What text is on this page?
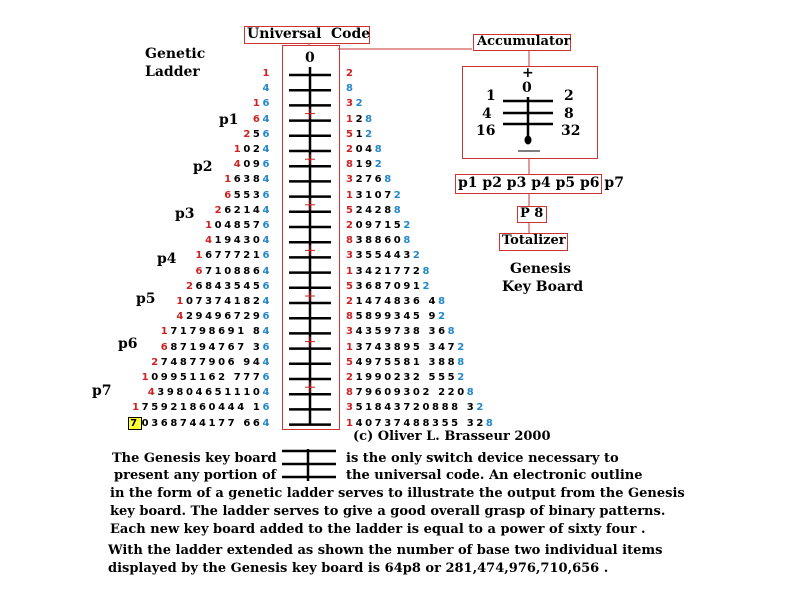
Universal Code
Genetic
Ladder
0
p1
p2
p3
p4
p5
p6
p7
1
4
16
64
256
1024
4096
16384
65536
262144
1048576
4194304
16777216
67108864
268435456
1073741824
4294967296
171798691 84
687194767 36
274877906 944
109951162 7776
4398046511104
175921860444 16
7 0368744177 664
2
8
32
128
512
2048
8192
32768
131072
524288
2097152
8388608
33554432
134217728
536870912
21474836 48
85899345 92
34359738 368
13743895 3472
54975581 3888
21990232 5552
879609302 2208
351843720888 32
140737488355 328
Accumulator
+
0
1
4
16
2
8
32
p1 p2 p3 p4 p5 p6 p7
P 8
Totalizer
Genesis
Key Board
(c) Oliver L. Brasseur 2000
The Genesis key board	is the only switch device necessary to
present any portion of	the universal code. An electronic outline
in the form of a genetic ladder serves to illustrate the output from the Genesis
key board. The ladder serves to give a good overall grasp of binary patterns.
Each new key board added to the ladder is equal to a power of sixty four .
With the ladder extended as shown the number of base two individual items
displayed by the Genesis key board is 64p8 or 281,474,976,710,656 .
